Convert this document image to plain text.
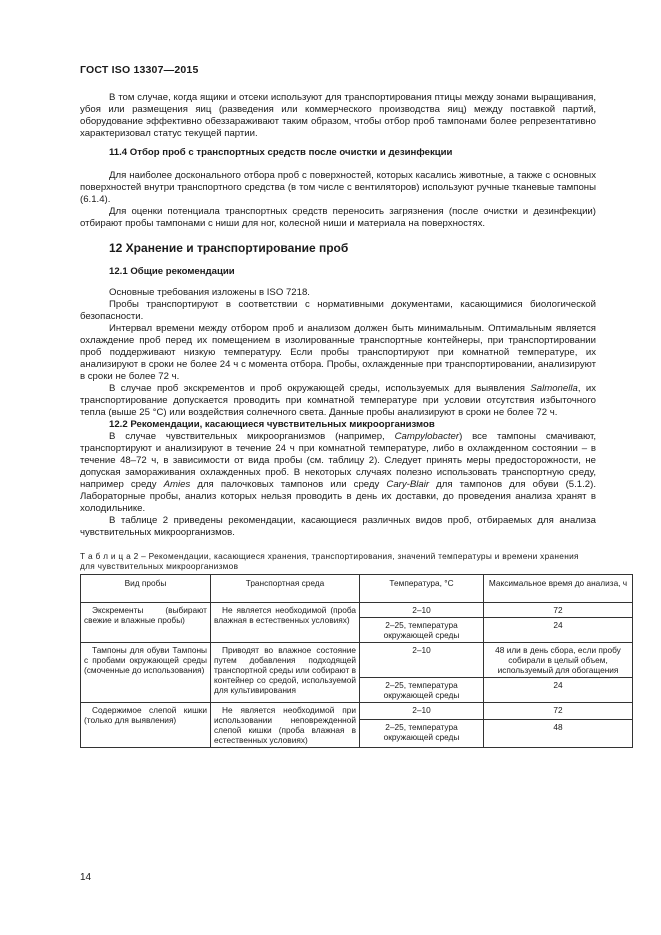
ГОСТ ISO 13307—2015

В том случае, когда ящики и отсеки используют для транспортирования птицы между зонами выращивания, убоя или размещения яиц (разведения или коммерческого производства яиц) между поставкой партий, оборудование эффективно обеззараживают таким образом, чтобы отбор проб тампонами более репрезентативно характеризовал статус текущей партии.

11.4 Отбор проб с транспортных средств после очистки и дезинфекции

Для наиболее досконального отбора проб с поверхностей, которых касались животные, а также с основных поверхностей внутри транспортного средства (в том числе с вентиляторов) используют ручные тканевые тампоны (6.1.4).

Для оценки потенциала транспортных средств переносить загрязнения (после очистки и дезинфекции) отбирают пробы тампонами с ниши для ног, колесной ниши и материала на поверхностях.

12 Хранение и транспортирование проб

12.1 Общие рекомендации

Основные требования изложены в ISO 7218.

Пробы транспортируют в соответствии с нормативными документами, касающимися биологической безопасности.

Интервал времени между отбором проб и анализом должен быть минимальным. Оптимальным является охлаждение проб перед их помещением в изолированные транспортные контейнеры, при транспортировании проб поддерживают низкую температуру. Если пробы транспортируют при комнатной температуре, их анализируют в сроки не более 24 ч с момента отбора. Пробы, охлажденные при транспортировании, анализируют в сроки не более 72 ч.

В случае проб экскрементов и проб окружающей среды, используемых для выявления Salmonella, их транспортирование допускается проводить при комнатной температуре при условии отсутствия избыточного тепла (выше 25 °С) или воздействия солнечного света. Данные пробы анализируют в сроки не более 72 ч.

12.2 Рекомендации, касающиеся чувствительных микроорганизмов

В случае чувствительных микроорганизмов (например, Campylobacter) все тампоны смачивают, транспортируют и анализируют в течение 24 ч при комнатной температуре, либо в охлажденном состоянии – в течение 48–72 ч, в зависимости от вида пробы (см. таблицу 2). Следует принять меры предосторожности, не допуская замораживания охлажденных проб. В некоторых случаях полезно использовать транспортную среду, например среду Amies для палочковых тампонов или среду Cary-Blair для тампонов для обуви (5.1.2). Лабораторные пробы, анализ которых нельзя проводить в день их доставки, до проведения анализа хранят в холодильнике.

В таблице 2 приведены рекомендации, касающиеся различных видов проб, отбираемых для анализа чувствительных микроорганизмов.

Т а б л и ц а 2 – Рекомендации, касающиеся хранения, транспортирования, значений температуры и времени хранения для чувствительных микроорганизмов

Вид пробы	Транспортная среда	Температура, °С	Максимальное время до анализа, ч
Экскременты (выбирают свежие и влажные пробы)	Не является необходимой (проба влажная в естественных условиях)	2–10	72
		2–25, температура окружающей среды	24
Тампоны для обуви Тампоны с пробами окружающей среды (смоченные до использования)	Приводят во влажное состояние путем добавления подходящей транспортной среды или собирают в контейнер со средой, используемой для культивирования	2–10	48 или в день сбора, если пробу собирали в целый объем, используемый для обогащения
		2–25, температура окружающей среды	24
Содержимое слепой кишки (только для выявления)	Не является необходимой при использовании неповрежденной слепой кишки (проба влажная в естественных условиях)	2–10	72
		2–25, температура окружающей среды	48
14
